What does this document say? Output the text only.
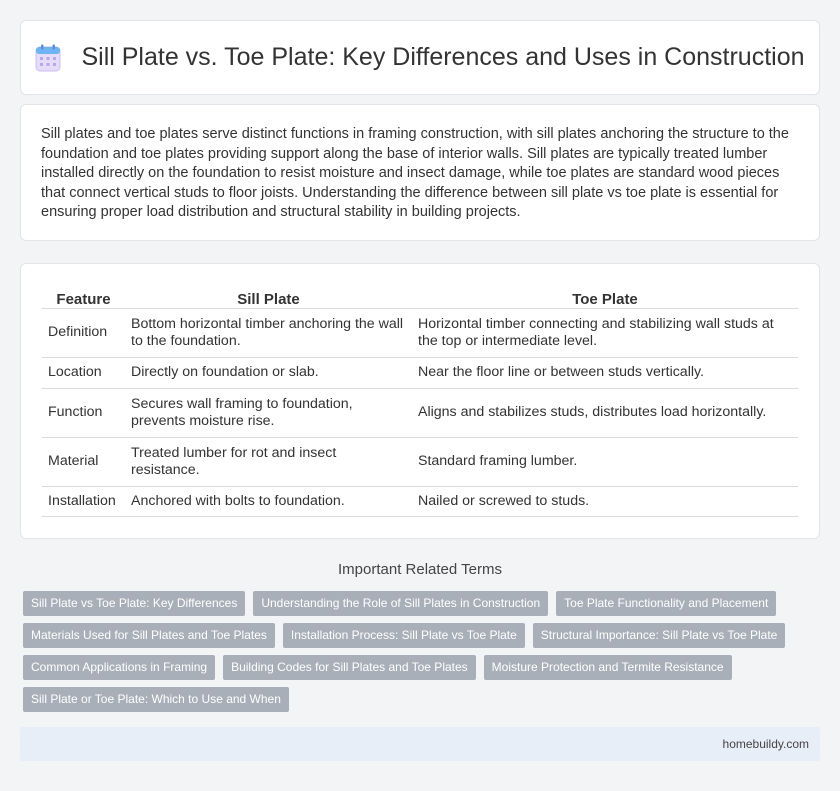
Sill Plate vs. Toe Plate: Key Differences and Uses in Construction

Sill plates and toe plates serve distinct functions in framing construction, with sill plates anchoring the structure to the foundation and toe plates providing support along the base of interior walls. Sill plates are typically treated lumber installed directly on the foundation to resist moisture and insect damage, while toe plates are standard wood pieces that connect vertical studs to floor joists. Understanding the difference between sill plate vs toe plate is essential for ensuring proper load distribution and structural stability in building projects.

Feature	Sill Plate	Toe Plate
Definition	Bottom horizontal timber anchoring the wall to the foundation.	Horizontal timber connecting and stabilizing wall studs at the top or intermediate level.
Location	Directly on foundation or slab.	Near the floor line or between studs vertically.
Function	Secures wall framing to foundation, prevents moisture rise.	Aligns and stabilizes studs, distributes load horizontally.
Material	Treated lumber for rot and insect resistance.	Standard framing lumber.
Installation	Anchored with bolts to foundation.	Nailed or screwed to studs.
Important Related Terms
Sill Plate vs Toe Plate: Key Differences	Understanding the Role of Sill Plates in Construction	Toe Plate Functionality and Placement
Materials Used for Sill Plates and Toe Plates	Installation Process: Sill Plate vs Toe Plate	Structural Importance: Sill Plate vs Toe Plate
Common Applications in Framing	Building Codes for Sill Plates and Toe Plates	Moisture Protection and Termite Resistance
Sill Plate or Toe Plate: Which to Use and When
homebuildy.com
